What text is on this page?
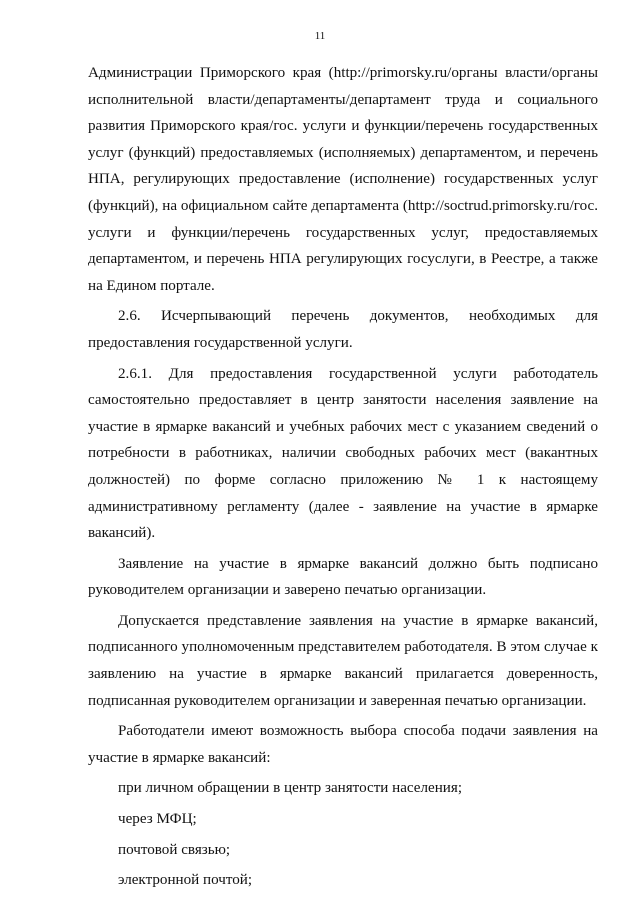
11

Администрации Приморского края (http://primorsky.ru/органы власти/органы исполнительной власти/департаменты/департамент труда и социального развития Приморского края/гос. услуги и функции/перечень государственных услуг (функций) предоставляемых (исполняемых) департаментом, и перечень НПА, регулирующих предоставление (исполнение) государственных услуг (функций), на официальном сайте департамента (http://soctrud.primorsky.ru/гос. услуги и функции/перечень государственных услуг, предоставляемых департаментом, и перечень НПА регулирующих госуслуги, в Реестре, а также на Едином портале.

2.6. Исчерпывающий перечень документов, необходимых для предоставления государственной услуги.

2.6.1. Для предоставления государственной услуги работодатель самостоятельно предоставляет в центр занятости населения заявление на участие в ярмарке вакансий и учебных рабочих мест с указанием сведений о потребности в работниках, наличии свободных рабочих мест (вакантных должностей) по форме согласно приложению № 1 к настоящему административному регламенту (далее - заявление на участие в ярмарке вакансий).

Заявление на участие в ярмарке вакансий должно быть подписано руководителем организации и заверено печатью организации.

Допускается представление заявления на участие в ярмарке вакансий, подписанного уполномоченным представителем работодателя. В этом случае к заявлению на участие в ярмарке вакансий прилагается доверенность, подписанная руководителем организации и заверенная печатью организации.

Работодатели имеют возможность выбора способа подачи заявления на участие в ярмарке вакансий:

при личном обращении в центр занятости населения;

через МФЦ;

почтовой связью;

электронной почтой;
